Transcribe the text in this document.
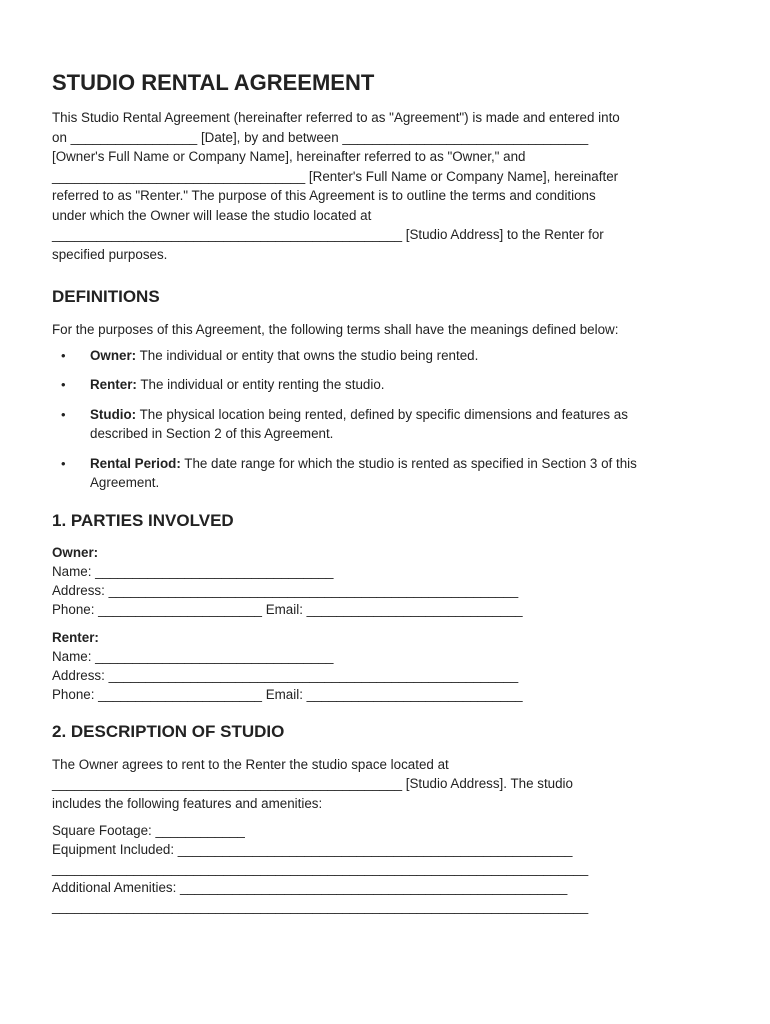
STUDIO RENTAL AGREEMENT
This Studio Rental Agreement (hereinafter referred to as "Agreement") is made and entered into
on _________________ [Date], by and between _________________________________
[Owner's Full Name or Company Name], hereinafter referred to as "Owner," and
__________________________________ [Renter's Full Name or Company Name], hereinafter
referred to as "Renter." The purpose of this Agreement is to outline the terms and conditions
under which the Owner will lease the studio located at
_______________________________________________ [Studio Address] to the Renter for
specified purposes.
DEFINITIONS

For the purposes of this Agreement, the following terms shall have the meanings defined below:

• Owner: The individual or entity that owns the studio being rented.
• Renter: The individual or entity renting the studio.
• Studio: The physical location being rented, defined by specific dimensions and features as
described in Section 2 of this Agreement.
• Rental Period: The date range for which the studio is rented as specified in Section 3 of this
Agreement.
1. PARTIES INVOLVED
Owner:
Name: ________________________________
Address: _______________________________________________________
Phone: ______________________ Email: _____________________________
Renter:
Name: ________________________________
Address: _______________________________________________________
Phone: ______________________ Email: _____________________________
2. DESCRIPTION OF STUDIO
The Owner agrees to rent to the Renter the studio space located at
_______________________________________________ [Studio Address]. The studio
includes the following features and amenities:
Square Footage: ____________
Equipment Included: _____________________________________________________
________________________________________________________________________
Additional Amenities: ____________________________________________________
________________________________________________________________________
